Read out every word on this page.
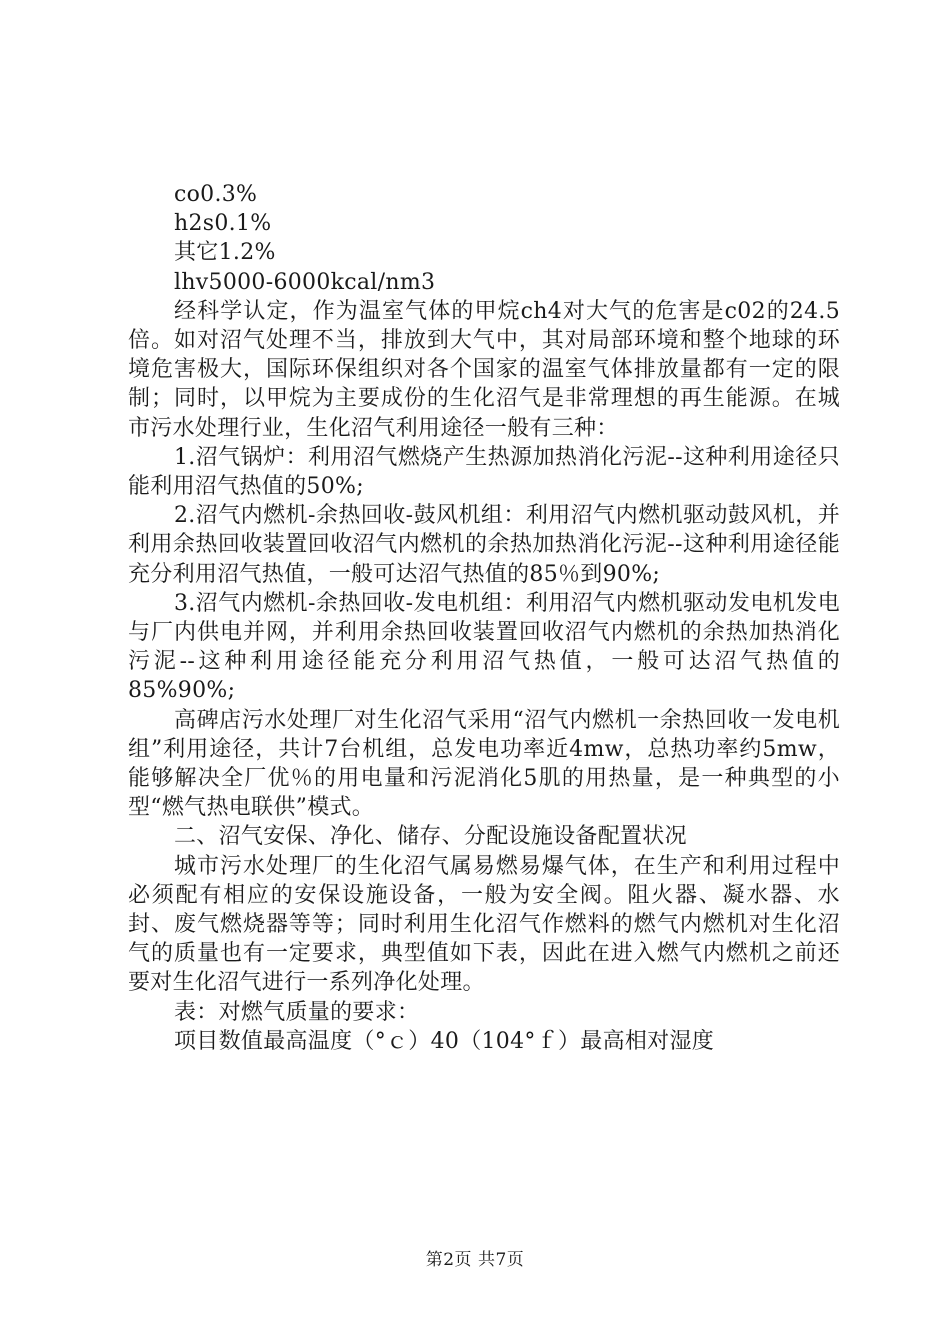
co0.3%

h2s0.1%

其它1.2%

lhv5000-6000kcal/nm3

经科学认定，作为温室气体的甲烷ch4对大气的危害是c02的24.5倍。如对沼气处理不当，排放到大气中，其对局部环境和整个地球的环境危害极大，国际环保组织对各个国家的温室气体排放量都有一定的限制；同时，以甲烷为主要成份的生化沼气是非常理想的再生能源。在城市污水处理行业，生化沼气利用途径一般有三种：

1.沼气锅炉：利用沼气燃烧产生热源加热消化污泥--这种利用途径只能利用沼气热值的50%;

2.沼气内燃机-余热回收-鼓风机组：利用沼气内燃机驱动鼓风机，并利用余热回收装置回收沼气内燃机的余热加热消化污泥--这种利用途径能充分利用沼气热值，一般可达沼气热值的85％到90%;

3.沼气内燃机-余热回收-发电机组：利用沼气内燃机驱动发电机发电与厂内供电并网，并利用余热回收装置回收沼气内燃机的余热加热消化污泥--这种利用途径能充分利用沼气热值，一般可达沼气热值的85%90%;

高碑店污水处理厂对生化沼气采用“沼气内燃机一余热回收一发电机组”利用途径，共计7台机组，总发电功率近4mw，总热功率约5mw，能够解决全厂优％的用电量和污泥消化5肌的用热量，是一种典型的小型“燃气热电联供”模式。

二、沼气安保、净化、储存、分配设施设备配置状况

城市污水处理厂的生化沼气属易燃易爆气体，在生产和利用过程中必须配有相应的安保设施设备，一般为安全阀。阻火器、凝水器、水封、废气燃烧器等等；同时利用生化沼气作燃料的燃气内燃机对生化沼气的质量也有一定要求，典型值如下表，因此在进入燃气内燃机之前还要对生化沼气进行一系列净化处理。

表：对燃气质量的要求：

项目数值最高温度（°ｃ）40（104°ｆ）最高相对湿度

第2页 共7页
